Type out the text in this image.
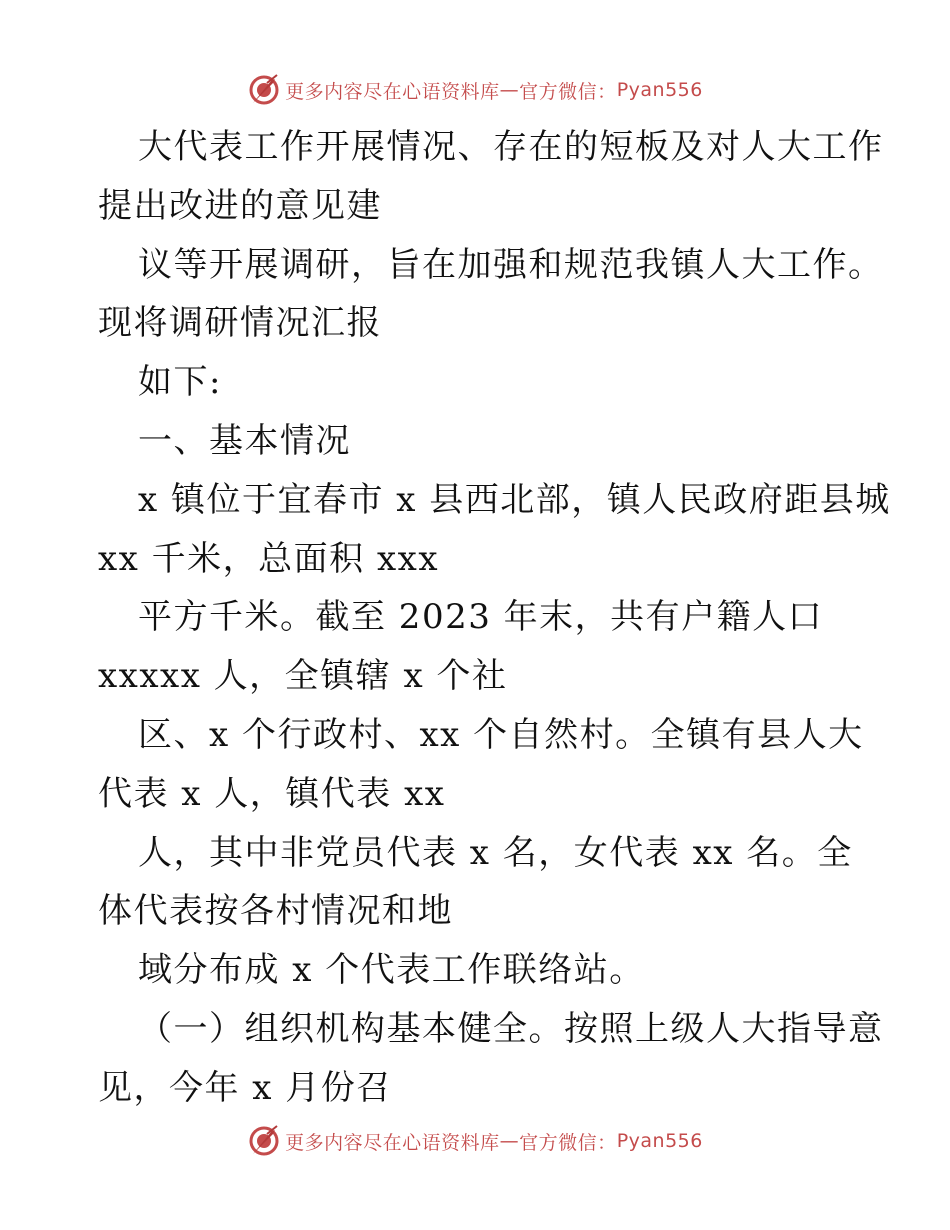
更多内容尽在心语资料库 — 官方微信： Pyan556
大代表工作开展情况、存在的短板及对人大工作
提出改进的意见建
议等开展调研，旨在加强和规范我镇人大工作。
现将调研情况汇报
如下:
一、基本情况
x 镇位于宜春市 x 县西北部，镇人民政府距县城
xx 千米，总面积 xxx
平方千米。截至 2023 年末，共有户籍人口
xxxxx 人，全镇辖 x 个社
区、x 个行政村、xx 个自然村。全镇有县人大
代表 x 人，镇代表 xx
人，其中非党员代表 x 名，女代表 xx 名。全
体代表按各村情况和地
域分布成 x 个代表工作联络站。
（一）组织机构基本健全。按照上级人大指导意
见，今年 x 月份召
更多内容尽在心语资料库 — 官方微信： Pyan556
